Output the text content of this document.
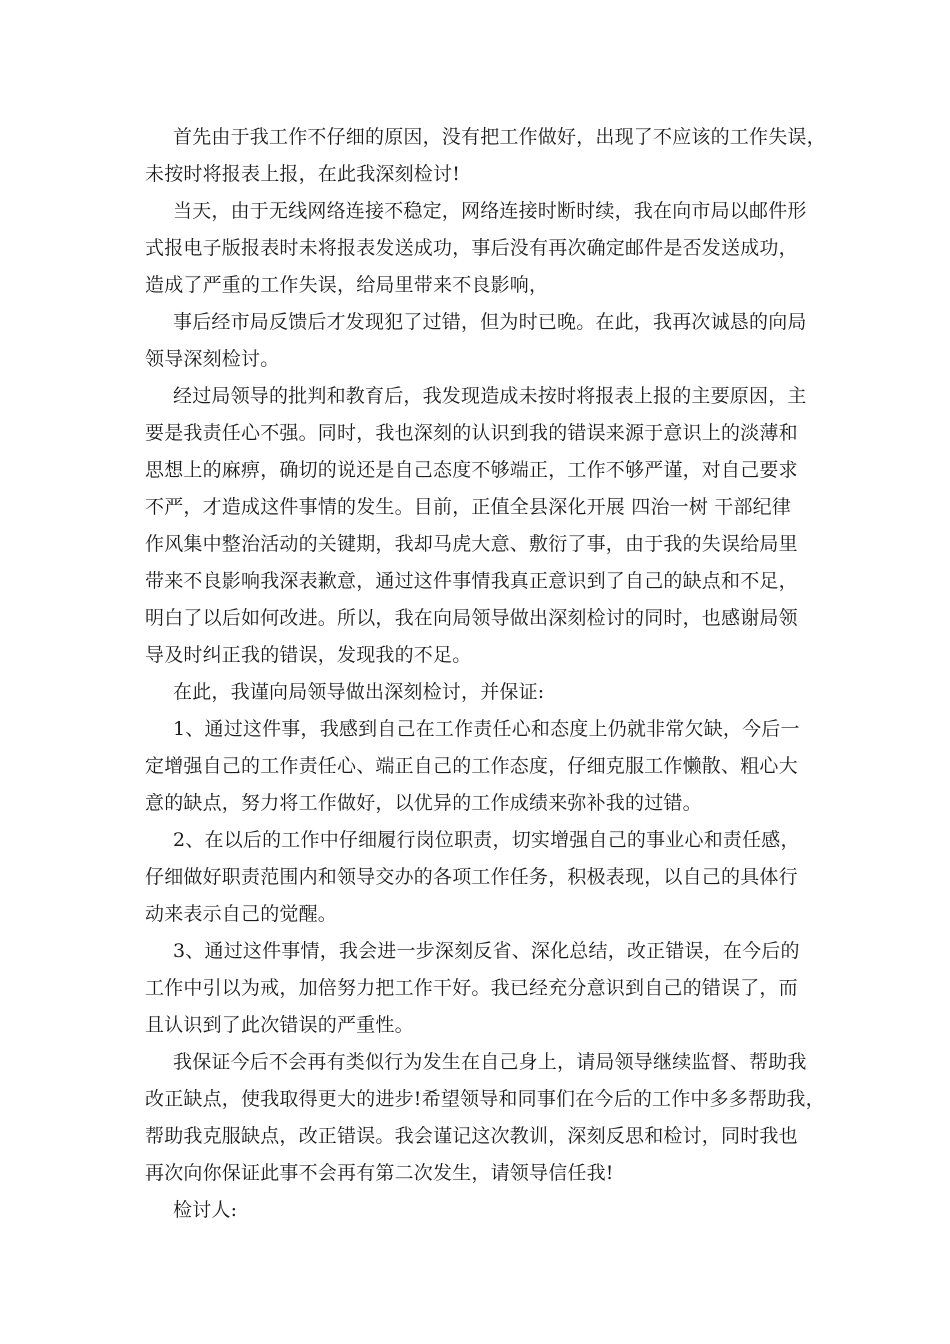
首先由于我工作不仔细的原因，没有把工作做好，出现了不应该的工作失误，
未按时将报表上报，在此我深刻检讨!
当天，由于无线网络连接不稳定，网络连接时断时续，我在向市局以邮件形
式报电子版报表时未将报表发送成功，事后没有再次确定邮件是否发送成功，
造成了严重的工作失误，给局里带来不良影响，
事后经市局反馈后才发现犯了过错，但为时已晚。在此，我再次诚恳的向局
领导深刻检讨。
经过局领导的批判和教育后，我发现造成未按时将报表上报的主要原因，主
要是我责任心不强。同时，我也深刻的认识到我的错误来源于意识上的淡薄和
思想上的麻痹，确切的说还是自己态度不够端正，工作不够严谨，对自己要求
不严，才造成这件事情的发生。目前，正值全县深化开展 四治一树 干部纪律
作风集中整治活动的关键期，我却马虎大意、敷衍了事，由于我的失误给局里
带来不良影响我深表歉意，通过这件事情我真正意识到了自己的缺点和不足，
明白了以后如何改进。所以，我在向局领导做出深刻检讨的同时，也感谢局领
导及时纠正我的错误，发现我的不足。
在此，我谨向局领导做出深刻检讨，并保证:
1、通过这件事，我感到自己在工作责任心和态度上仍就非常欠缺，今后一
定增强自己的工作责任心、端正自己的工作态度，仔细克服工作懒散、粗心大
意的缺点，努力将工作做好，以优异的工作成绩来弥补我的过错。
2、在以后的工作中仔细履行岗位职责，切实增强自己的事业心和责任感，
仔细做好职责范围内和领导交办的各项工作任务，积极表现，以自己的具体行
动来表示自己的觉醒。
3、通过这件事情，我会进一步深刻反省、深化总结，改正错误，在今后的
工作中引以为戒，加倍努力把工作干好。我已经充分意识到自己的错误了，而
且认识到了此次错误的严重性。
我保证今后不会再有类似行为发生在自己身上，请局领导继续监督、帮助我
改正缺点，使我取得更大的进步!希望领导和同事们在今后的工作中多多帮助我，
帮助我克服缺点，改正错误。我会谨记这次教训，深刻反思和检讨，同时我也
再次向你保证此事不会再有第二次发生，请领导信任我!
检讨人:
